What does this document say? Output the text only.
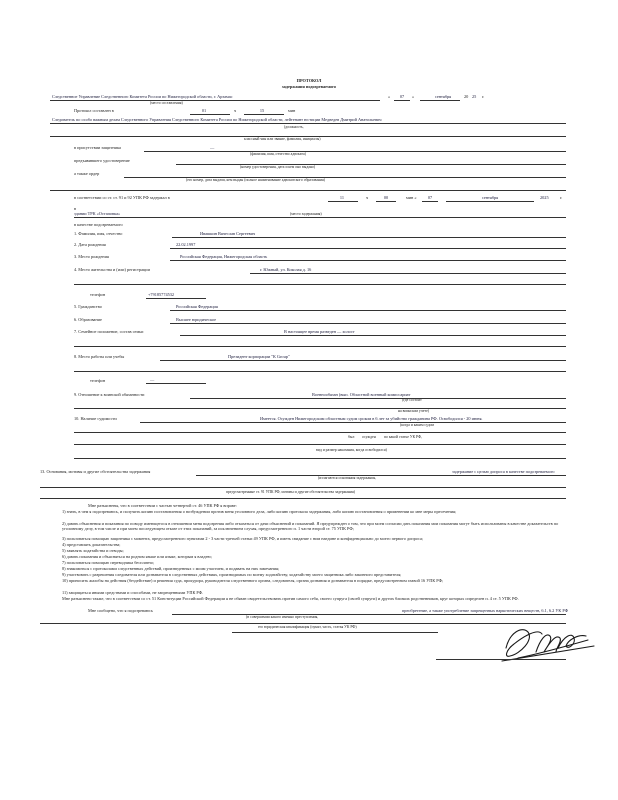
ПРОТОКОЛ
задержания подозреваемого
Следственное Управление Следственного Комитета России по Нижегородской области, г. Арзамас	«	07	»	сентября	20 25 г.
(место составления)
Протокол составлен в	01	ч	15	мин
Следователь по особо важным делам Следственного Управления Следственного Комитета России по Нижегородской области, лейтенант юстиции Медведев Дмитрий Анатольевич
(должность,
классный чин или звание, фамилия, инициалы)
в присутствии защитника	—
(фамилия, имя, отчество адвоката)
предъявившего удостоверение
(номер удостоверения, дата и кем оно выдано)
а также ордер
(его номер, дата выдачи, кем выдан (полное наименование адвокатского образования)
в соответствии со ст. ст. 91 и 92 УПК РФ задержал в	11	ч	00	мин «	07	сентября	2025	г.
в
здании ТРК «Остаповка»	(место задержания)
в качестве подозреваемого
1. Фамилия, имя, отчество	Ивашкин Вячеслав Сергеевич
2. Дата рождения	22.02.1997
3. Место рождения	Российская Федерация, Нижегородская область
4. Место жительства и (или) регистрации	г. Южный, ул. Коколая д. 16
телефон	+79185774532
5. Гражданство	Российская Федерация
6. Образование	Высшее юридическое
7. Семейное положение, состав семьи	В настоящее время разведен — холост
8. Место работы или учебы	Президент корпорации "К Group"
телефон	—
9. Отношение к воинской обязанности	Военнообязан (вып. Областной военный комиссариат
(где состоит
на воинском учете)
10. Наличие судимости	Имеется. Осужден Нижегородским областным судом сроком в 6 лет за убийство гражданина РФ. Освободился - 20 июня.
(когда и каким судом
был осужден по какой статье УК РФ,
вид и размер наказания, когда освободился)
13. Основания, мотивы и другие обстоятельства задержания	задержание с целью допроса в качестве подозреваемого
(излагаются основания задержания,
предусмотренные ст. 91 УПК РФ, мотивы и другие обстоятельства задержания)
Мне разъяснены, что в соответствии с частью четвертой ст. 46 УПК РФ я вправе:
1) знать, в чем я подозреваюсь, и получить копию постановления о возбуждении против меня уголовного дела, либо копию протокола задержания, либо копию постановления о применении ко мне меры пресечения;
2) давать объяснения и показания по поводу имеющегося в отношении меня подозрения либо отказаться от дачи объяснений и показаний. Я предупрежден о том, что при моем согласии дать показания мои показания могут быть использованы в качестве доказательств по уголовному делу, в том числе и при моем последующем отказе от этих показаний, за исключением случая, предусмотренного п. 1 части второй ст. 75 УПК РФ;
3) пользоваться помощью защитника с момента, предусмотренного пунктами 2 - 3 части третьей статьи 49 УПК РФ, и иметь свидание с ним наедине и конфиденциально до моего первого допроса;
4) представлять доказательства;
5) заявлять ходатайства и отводы;
6) давать показания и объясняться на родном языке или языке, которым я владею;
7) пользоваться помощью переводчика бесплатно;
8) знакомиться с протоколами следственных действий, произведенных с моим участием, и подавать на них замечания;
9) участвовать с разрешения следователя или дознавателя в следственных действиях, производимых по моему ходатайству, ходатайству моего защитника либо законного представителя;
10) приносить жалобы на действия (бездействие) и решения суда, прокурора, руководителя следственного органа, следователя, органа дознания и дознавателя в порядке, предусмотренном главой 16 УПК РФ;
11) защищаться иными средствами и способами, не запрещенными УПК РФ.
Мне разъяснено также, что в соответствии со ст. 51 Конституции Российской Федерации я не обязан свидетельствовать против самого себя, своего супруга (своей супруги) и других близких родственников, круг которых определен п. 4 ст. 5 УПК РФ.
Мне сообщено, что я подозреваюсь	преобретение, а также употребление запрещенных наркотических веществ, 6.1, 6.2 УК РФ
(в совершении какого именно преступления,
его юридическая квалификация (пункт, часть, статья УК РФ)
